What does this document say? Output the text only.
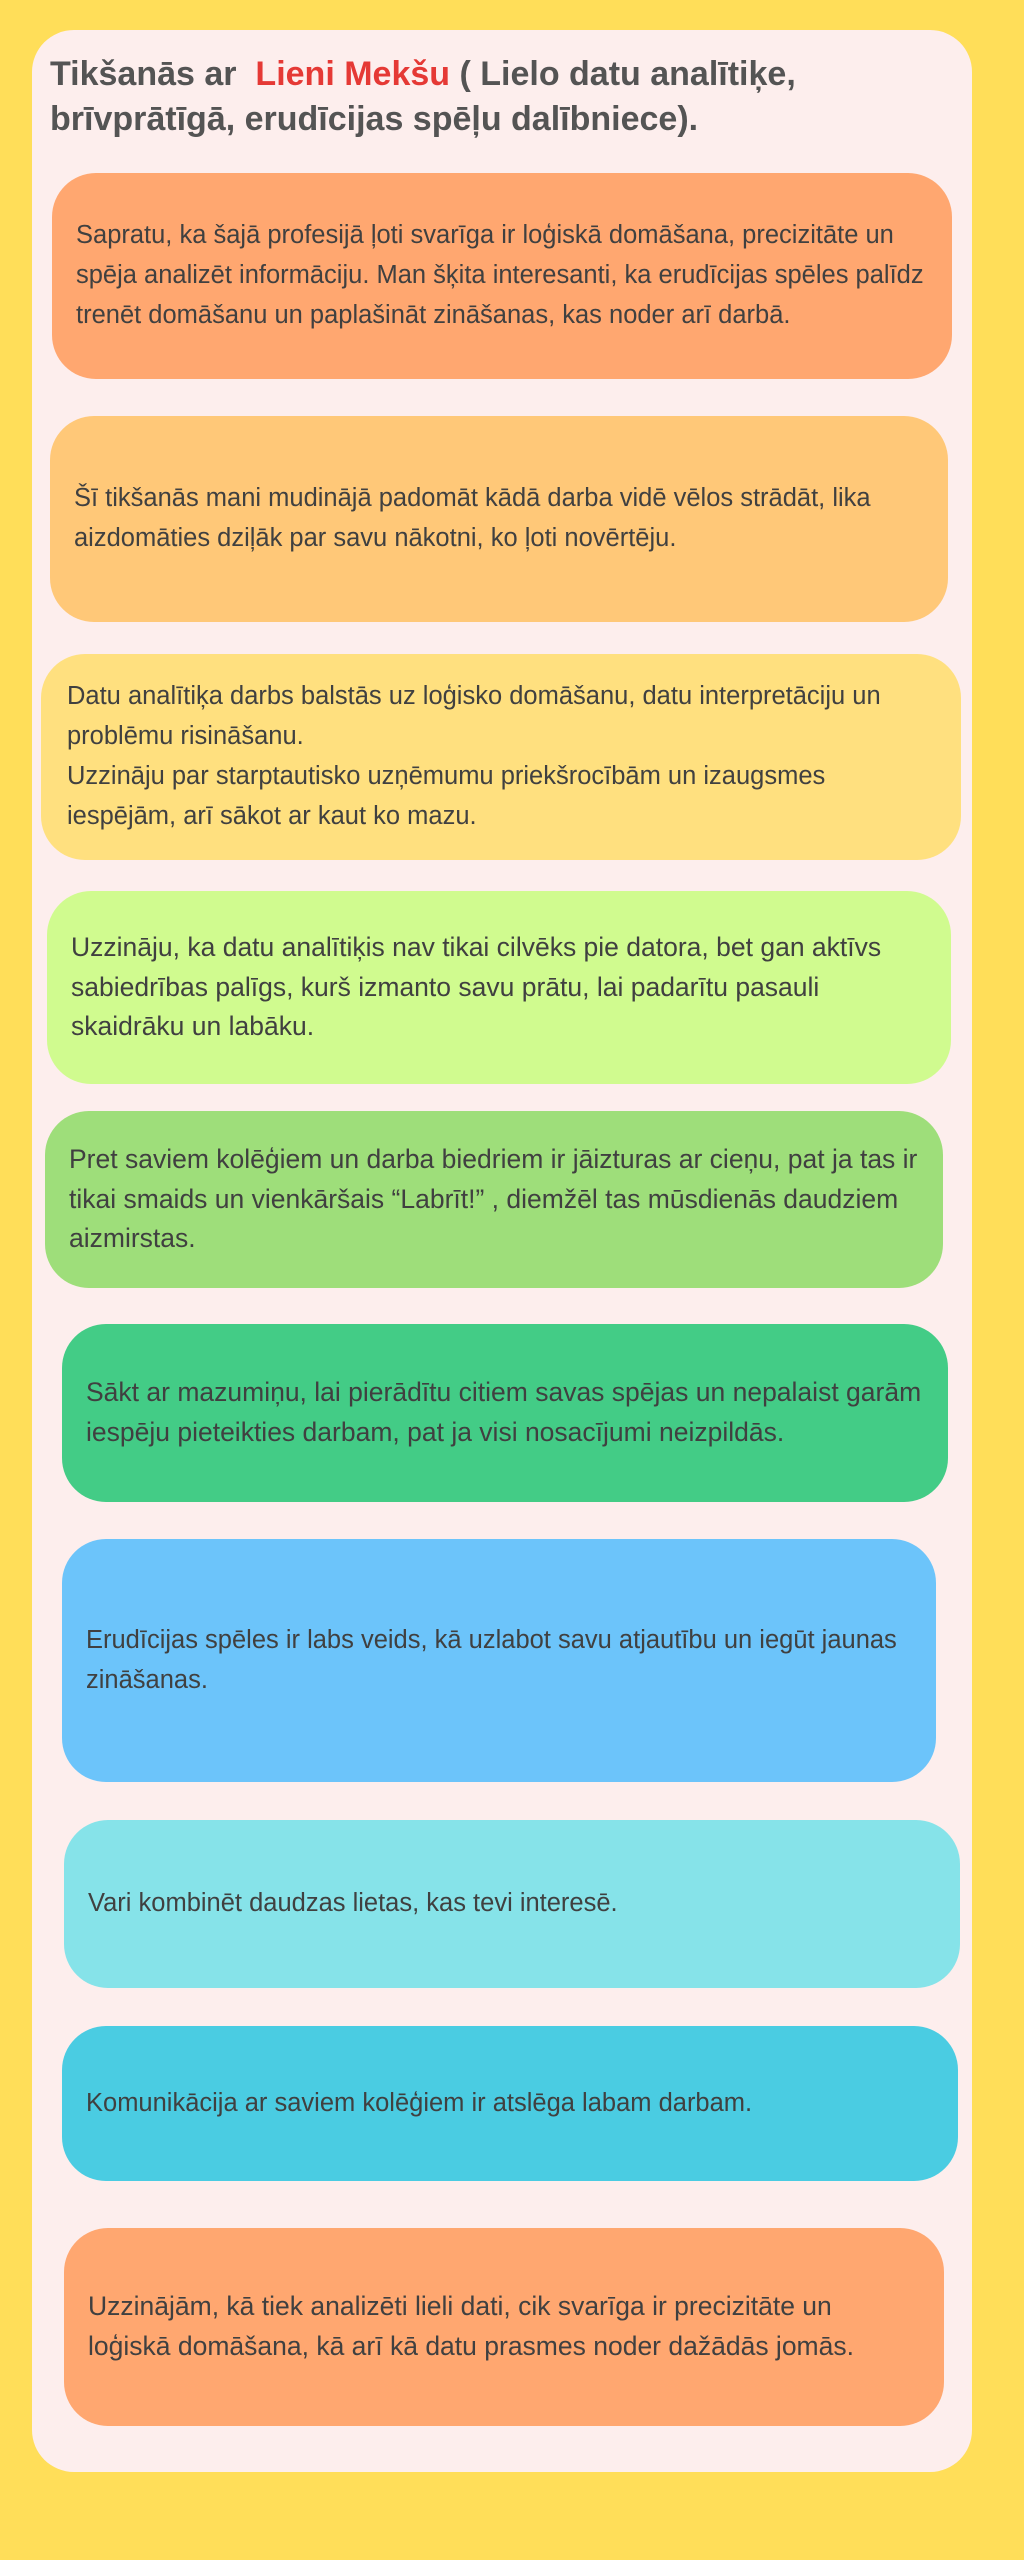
Tikšanās ar Lieni Mekšu ( Lielo datu analītiķe, brīvprātīgā, erudīcijas spēļu dalībniece).

Sapratu, ka šajā profesijā ļoti svarīga ir loģiskā domāšana, precizitāte un spēja analizēt informāciju. Man šķita interesanti, ka erudīcijas spēles palīdz trenēt domāšanu un paplašināt zināšanas, kas noder arī darbā.

Šī tikšanās mani mudinājā padomāt kādā darba vidē vēlos strādāt, lika aizdomāties dziļāk par savu nākotni, ko ļoti novērtēju.

Datu analītiķa darbs balstās uz loģisko domāšanu, datu interpretāciju un problēmu risināšanu.
Uzzināju par starptautisko uzņēmumu priekšrocībām un izaugsmes iespējām, arī sākot ar kaut ko mazu.

Uzzināju, ka datu analītiķis nav tikai cilvēks pie datora, bet gan aktīvs sabiedrības palīgs, kurš izmanto savu prātu, lai padarītu pasauli skaidrāku un labāku.

Pret saviem kolēģiem un darba biedriem ir jāizturas ar cieņu, pat ja tas ir tikai smaids un vienkāršais “Labrīt!” , diemžēl tas mūsdienās daudziem aizmirstas.

Sākt ar mazumiņu, lai pierādītu citiem savas spējas un nepalaist garām iespēju pieteikties darbam, pat ja visi nosacījumi neizpildās.

Erudīcijas spēles ir labs veids, kā uzlabot savu atjautību un iegūt jaunas zināšanas.

Vari kombinēt daudzas lietas, kas tevi interesē.

Komunikācija ar saviem kolēģiem ir atslēga labam darbam.

Uzzinājām, kā tiek analizēti lieli dati, cik svarīga ir precizitāte un loģiskā domāšana, kā arī kā datu prasmes noder dažādās jomās.
